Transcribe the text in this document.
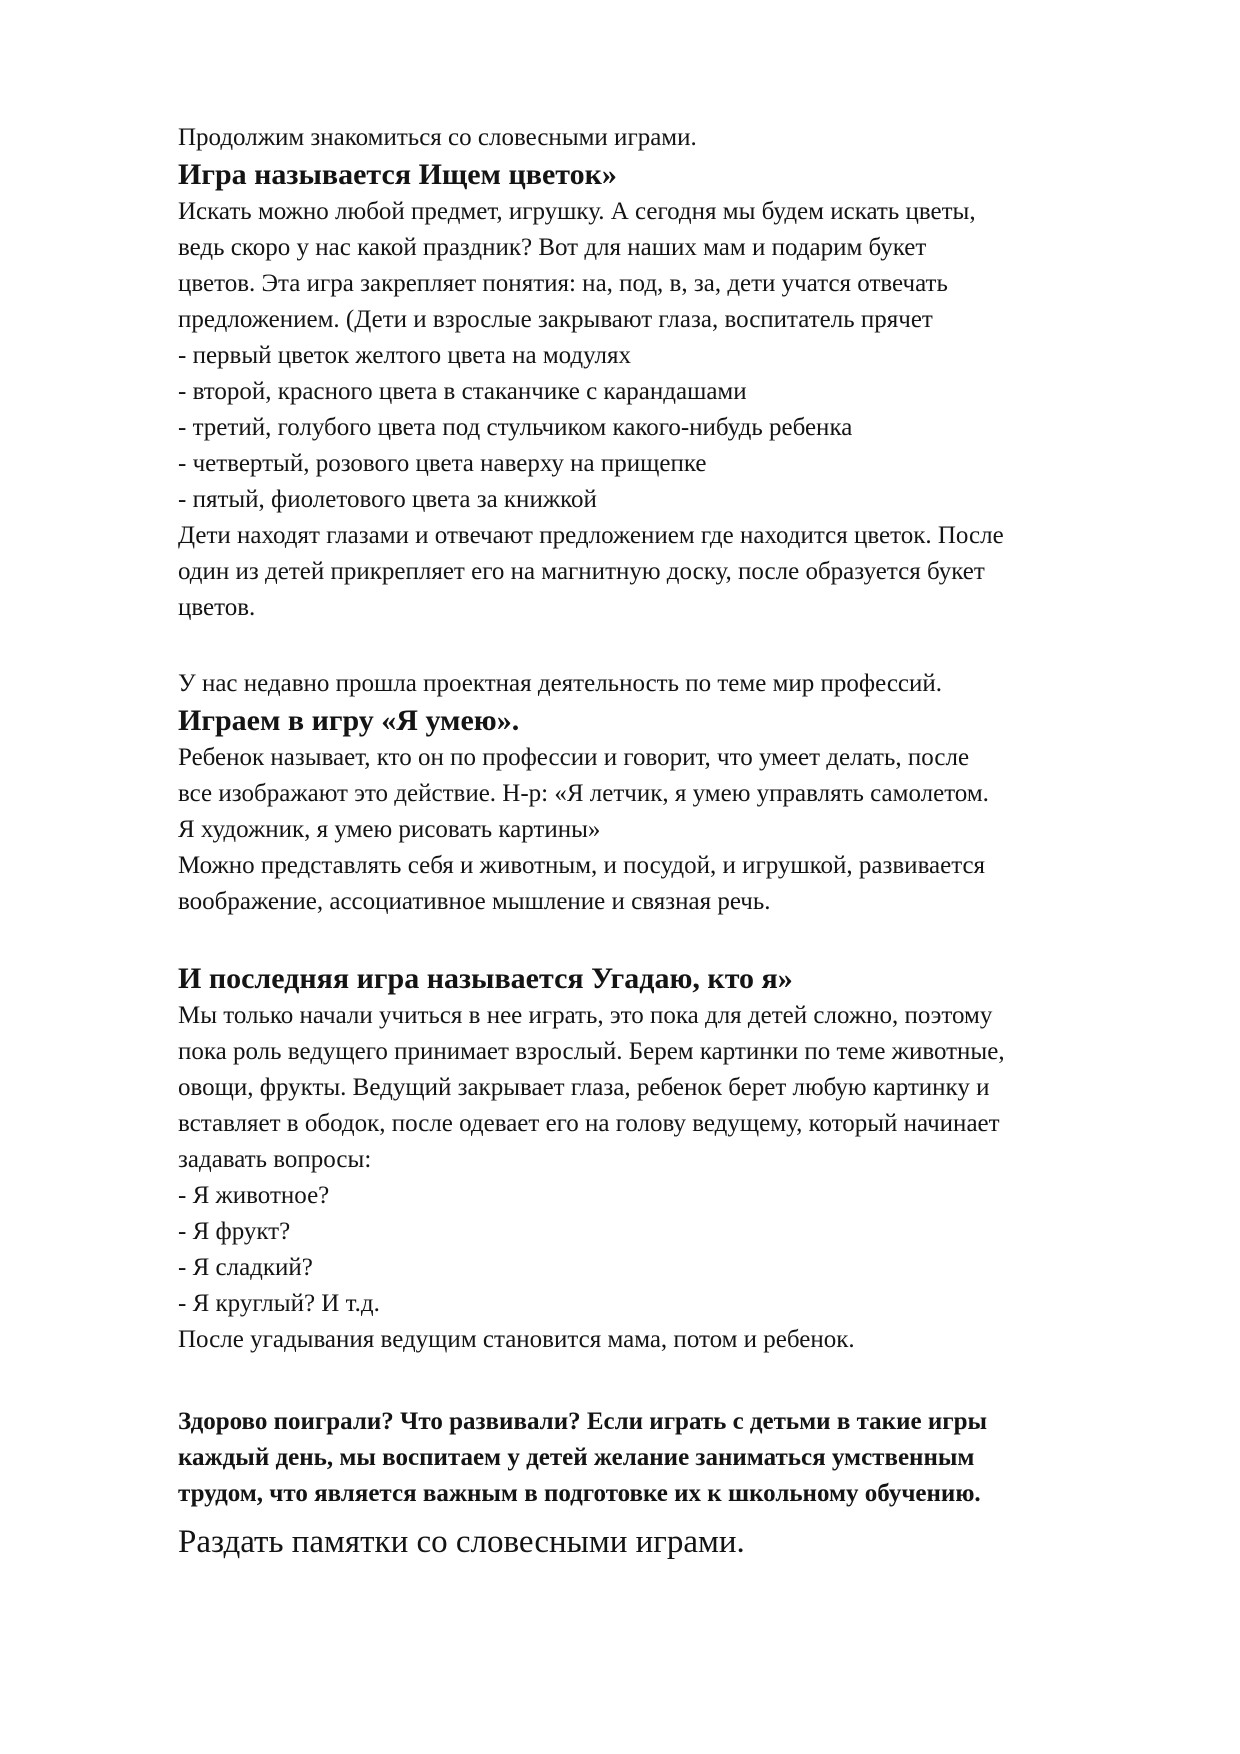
Продолжим знакомиться со словесными играми.
Игра называется Ищем цветок»
Искать можно любой предмет, игрушку. А сегодня мы будем искать цветы,
ведь скоро у нас какой праздник? Вот для наших мам и подарим букет
цветов. Эта игра закрепляет понятия: на, под, в, за, дети учатся отвечать
предложением. (Дети и взрослые закрывают глаза, воспитатель прячет
- первый цветок желтого цвета на модулях
- второй, красного цвета в стаканчике с карандашами
- третий, голубого цвета под стульчиком какого-нибудь ребенка
- четвертый, розового цвета наверху на прищепке
- пятый, фиолетового цвета за книжкой
Дети находят глазами и отвечают предложением где находится цветок. После
один из детей прикрепляет его на магнитную доску, после образуется букет
цветов.
У нас недавно прошла проектная деятельность по теме мир профессий.
Играем в игру «Я умею».
Ребенок называет, кто он по профессии и говорит, что умеет делать, после
все изображают это действие. Н-р: «Я летчик, я умею управлять самолетом.
Я художник, я умею рисовать картины»
Можно представлять себя и животным, и посудой, и игрушкой, развивается
воображение, ассоциативное мышление и связная речь.
И последняя игра называется Угадаю, кто я»
Мы только начали учиться в нее играть, это пока для детей сложно, поэтому
пока роль ведущего принимает взрослый. Берем картинки по теме животные,
овощи, фрукты. Ведущий закрывает глаза, ребенок берет любую картинку и
вставляет в ободок, после одевает его на голову ведущему, который начинает
задавать вопросы:
- Я животное?
- Я фрукт?
- Я сладкий?
- Я круглый? И т.д.
После угадывания ведущим становится мама, потом и ребенок.
Здорово поиграли? Что развивали? Если играть с детьми в такие игры
каждый день, мы воспитаем у детей желание заниматься умственным
трудом, что является важным в подготовке их к школьному обучению.
Раздать памятки со словесными играми.
